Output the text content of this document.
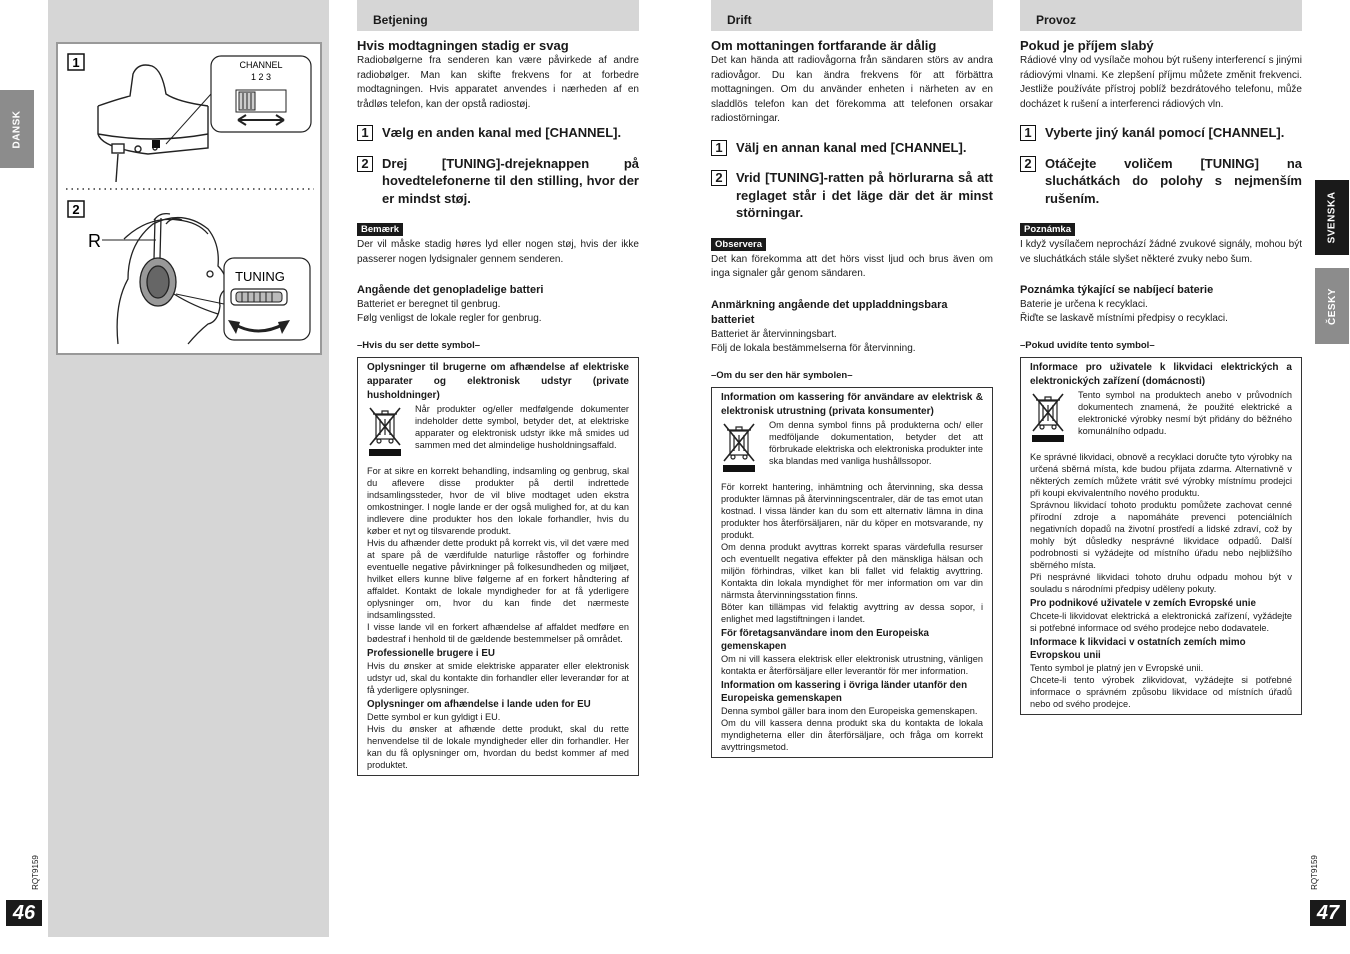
DANSK
RQT9159
46
1	CHANNEL
1 2 3
2
R
TUNING
Betjening
Hvis modtagningen stadig er svag
Radiobølgerne fra senderen kan være påvirkede af andre radiobølger. Man kan skifte frekvens for at forbedre modtagningen. Hvis apparatet anvendes i nærheden af en trådløs telefon, kan der opstå radiostøj.
1	Vælg en anden kanal med [CHANNEL].
2	Drej [TUNING]-drejeknappen på hovedtelefonerne til den stilling, hvor der er mindst støj.
Bemærk
Der vil måske stadig høres lyd eller nogen støj, hvis der ikke passerer nogen lydsignaler gennem senderen.
Angående det genopladelige batteri
Batteriet er beregnet til genbrug.
Følg venligst de lokale regler for genbrug.
–Hvis du ser dette symbol–
Oplysninger til brugerne om afhændelse af elektriske apparater og elektronisk udstyr (private husholdninger)
Når produkter og/eller medfølgende dokumenter indeholder dette symbol, betyder det, at elektriske apparater og elektronisk udstyr ikke må smides ud sammen med det almindelige husholdningsaffald.
For at sikre en korrekt behandling, indsamling og genbrug, skal du aflevere disse produkter på dertil indrettede indsamlingssteder, hvor de vil blive modtaget uden ekstra omkostninger. I nogle lande er der også mulighed for, at du kan indlevere dine produkter hos den lokale forhandler, hvis du køber et nyt og tilsvarende produkt.
Hvis du afhænder dette produkt på korrekt vis, vil det være med at spare på de værdifulde naturlige råstoffer og forhindre eventuelle negative påvirkninger på folkesundheden og miljøet, hvilket ellers kunne blive følgerne af en forkert håndtering af affaldet. Kontakt de lokale myndigheder for at få yderligere oplysninger om, hvor du kan finde det nærmeste indsamlingssted.
I visse lande vil en forkert afhændelse af affaldet medføre en bødestraf i henhold til de gældende bestemmelser på området.
Professionelle brugere i EU
Hvis du ønsker at smide elektriske apparater eller elektronisk udstyr ud, skal du kontakte din forhandler eller leverandør for at få yderligere oplysninger.
Oplysninger om afhændelse i lande uden for EU
Dette symbol er kun gyldigt i EU.
Hvis du ønsker at afhænde dette produkt, skal du rette henvendelse til de lokale myndigheder eller din forhandler. Her kan du få oplysninger om, hvordan du bedst kommer af med produktet.
Drift
Om mottaningen fortfarande är dålig
Det kan hända att radiovågorna från sändaren störs av andra radiovågor. Du kan ändra frekvens för att förbättra mottagningen. Om du använder enheten i närheten av en sladdlös telefon kan det förekomma att telefonen orsakar radiostörningar.
1	Välj en annan kanal med [CHANNEL].
2	Vrid [TUNING]-ratten på hörlurarna så att reglaget står i det läge där det är minst störningar.
Observera
Det kan förekomma att det hörs visst ljud och brus även om inga signaler går genom sändaren.
Anmärkning angående det uppladdningsbara batteriet
Batteriet är återvinningsbart.
Följ de lokala bestämmelserna för återvinning.
–Om du ser den här symbolen–
Information om kassering för användare av elektrisk & elektronisk utrustning (privata konsumenter)
Om denna symbol finns på produkterna och/ eller medföljande dokumentation, betyder det att förbrukade elektriska och elektroniska produkter inte ska blandas med vanliga hushållssopor.
För korrekt hantering, inhämtning och återvinning, ska dessa produkter lämnas på återvinningscentraler, där de tas emot utan kostnad. I vissa länder kan du som ett alternativ lämna in dina produkter hos återförsäljaren, när du köper en motsvarande, ny produkt.
Om denna produkt avyttras korrekt sparas värdefulla resurser och eventuellt negativa effekter på den mänskliga hälsan och miljön förhindras, vilket kan bli fallet vid felaktig avyttring. Kontakta din lokala myndighet för mer information om var din närmsta återvinningsstation finns.
Böter kan tillämpas vid felaktig avyttring av dessa sopor, i enlighet med lagstiftningen i landet.
För företagsanvändare inom den Europeiska gemenskapen
Om ni vill kassera elektrisk eller elektronisk utrustning, vänligen kontakta er återförsäljare eller leverantör för mer information.
Information om kassering i övriga länder utanför den Europeiska gemenskapen
Denna symbol gäller bara inom den Europeiska gemenskapen.
Om du vill kassera denna produkt ska du kontakta de lokala myndigheterna eller din återförsäljare, och fråga om korrekt avyttringsmetod.
Provoz
Pokud je příjem slabý
Rádiové vlny od vysílače mohou být rušeny interferencí s jinými rádiovými vlnami. Ke zlepšení příjmu můžete změnit frekvenci. Jestliže používáte přístroj poblíž bezdrátového telefonu, může docházet k rušení a interferenci rádiových vln.
1	Vyberte jiný kanál pomocí [CHANNEL].
2	Otáčejte voličem [TUNING] na sluchátkách do polohy s nejmenším rušením.
Poznámka
I když vysílačem neprochází žádné zvukové signály, mohou být ve sluchátkách stále slyšet některé zvuky nebo šum.
Poznámka týkající se nabíjecí baterie
Baterie je určena k recyklaci.
Řiďte se laskavě místními předpisy o recyklaci.
–Pokud uvidíte tento symbol–
Informace pro uživatele k likvidaci elektrických a elektronických zařízení (domácnosti)
Tento symbol na produktech anebo v průvodních dokumentech znamená, že použité elektrické a elektronické výrobky nesmí být přidány do běžného komunálního odpadu.
Ke správné likvidaci, obnově a recyklaci doručte tyto výrobky na určená sběrná místa, kde budou přijata zdarma. Alternativně v některých zemích můžete vrátit své výrobky místnímu prodejci při koupi ekvivalentního nového produktu.
Správnou likvidací tohoto produktu pomůžete zachovat cenné přírodní zdroje a napomáháte prevenci potenciálních negativních dopadů na životní prostředí a lidské zdraví, což by mohly být důsledky nesprávné likvidace odpadů. Další podrobnosti si vyžádejte od místního úřadu nebo nejbližšího sběrného místa.
Při nesprávné likvidaci tohoto druhu odpadu mohou být v souladu s národními předpisy uděleny pokuty.
Pro podnikové uživatele v zemích Evropské unie
Chcete-li likvidovat elektrická a elektronická zařízení, vyžádejte si potřebné informace od svého prodejce nebo dodavatele.
Informace k likvidaci v ostatních zemích mimo Evropskou unii
Tento symbol je platný jen v Evropské unii.
Chcete-li tento výrobek zlikvidovat, vyžádejte si potřebné informace o správném způsobu likvidace od místních úřadů nebo od svého prodejce.
SVENSKA
ČESKY
RQT9159
47
